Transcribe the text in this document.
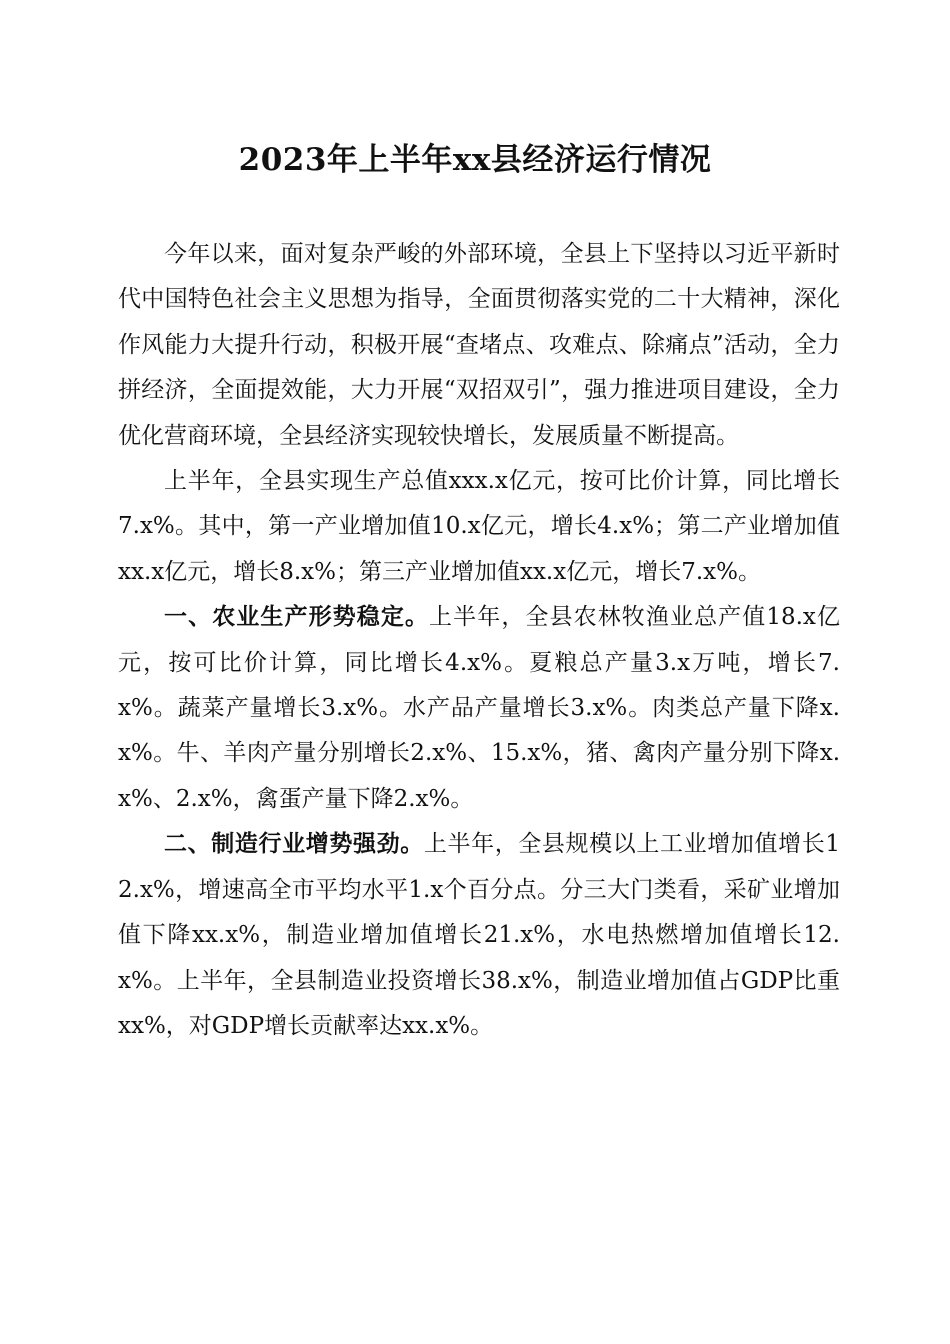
2023年上半年xx县经济运行情况

今年以来，面对复杂严峻的外部环境，全县上下坚持以习近平新时代中国特色社会主义思想为指导，全面贯彻落实党的二十大精神，深化作风能力大提升行动，积极开展“查堵点、攻难点、除痛点”活动，全力拼经济，全面提效能，大力开展“双招双引”，强力推进项目建设，全力优化营商环境，全县经济实现较快增长，发展质量不断提高。

上半年，全县实现生产总值xxx.x亿元，按可比价计算，同比增长7.x%。其中，第一产业增加值10.x亿元，增长4.x%；第二产业增加值xx.x亿元，增长8.x%；第三产业增加值xx.x亿元，增长7.x%。

一、农业生产形势稳定。上半年，全县农林牧渔业总产值18.x亿元，按可比价计算，同比增长4.x%。夏粮总产量3.x万吨，增长7.x%。蔬菜产量增长3.x%。水产品产量增长3.x%。肉类总产量下降x.x%。牛、羊肉产量分别增长2.x%、15.x%，猪、禽肉产量分别下降x.x%、2.x%，禽蛋产量下降2.x%。

二、制造行业增势强劲。上半年，全县规模以上工业增加值增长12.x%，增速高全市平均水平1.x个百分点。分三大门类看，采矿业增加值下降xx.x%，制造业增加值增长21.x%，水电热燃增加值增长12.x%。上半年，全县制造业投资增长38.x%，制造业增加值占GDP比重xx%，对GDP增长贡献率达xx.x%。
